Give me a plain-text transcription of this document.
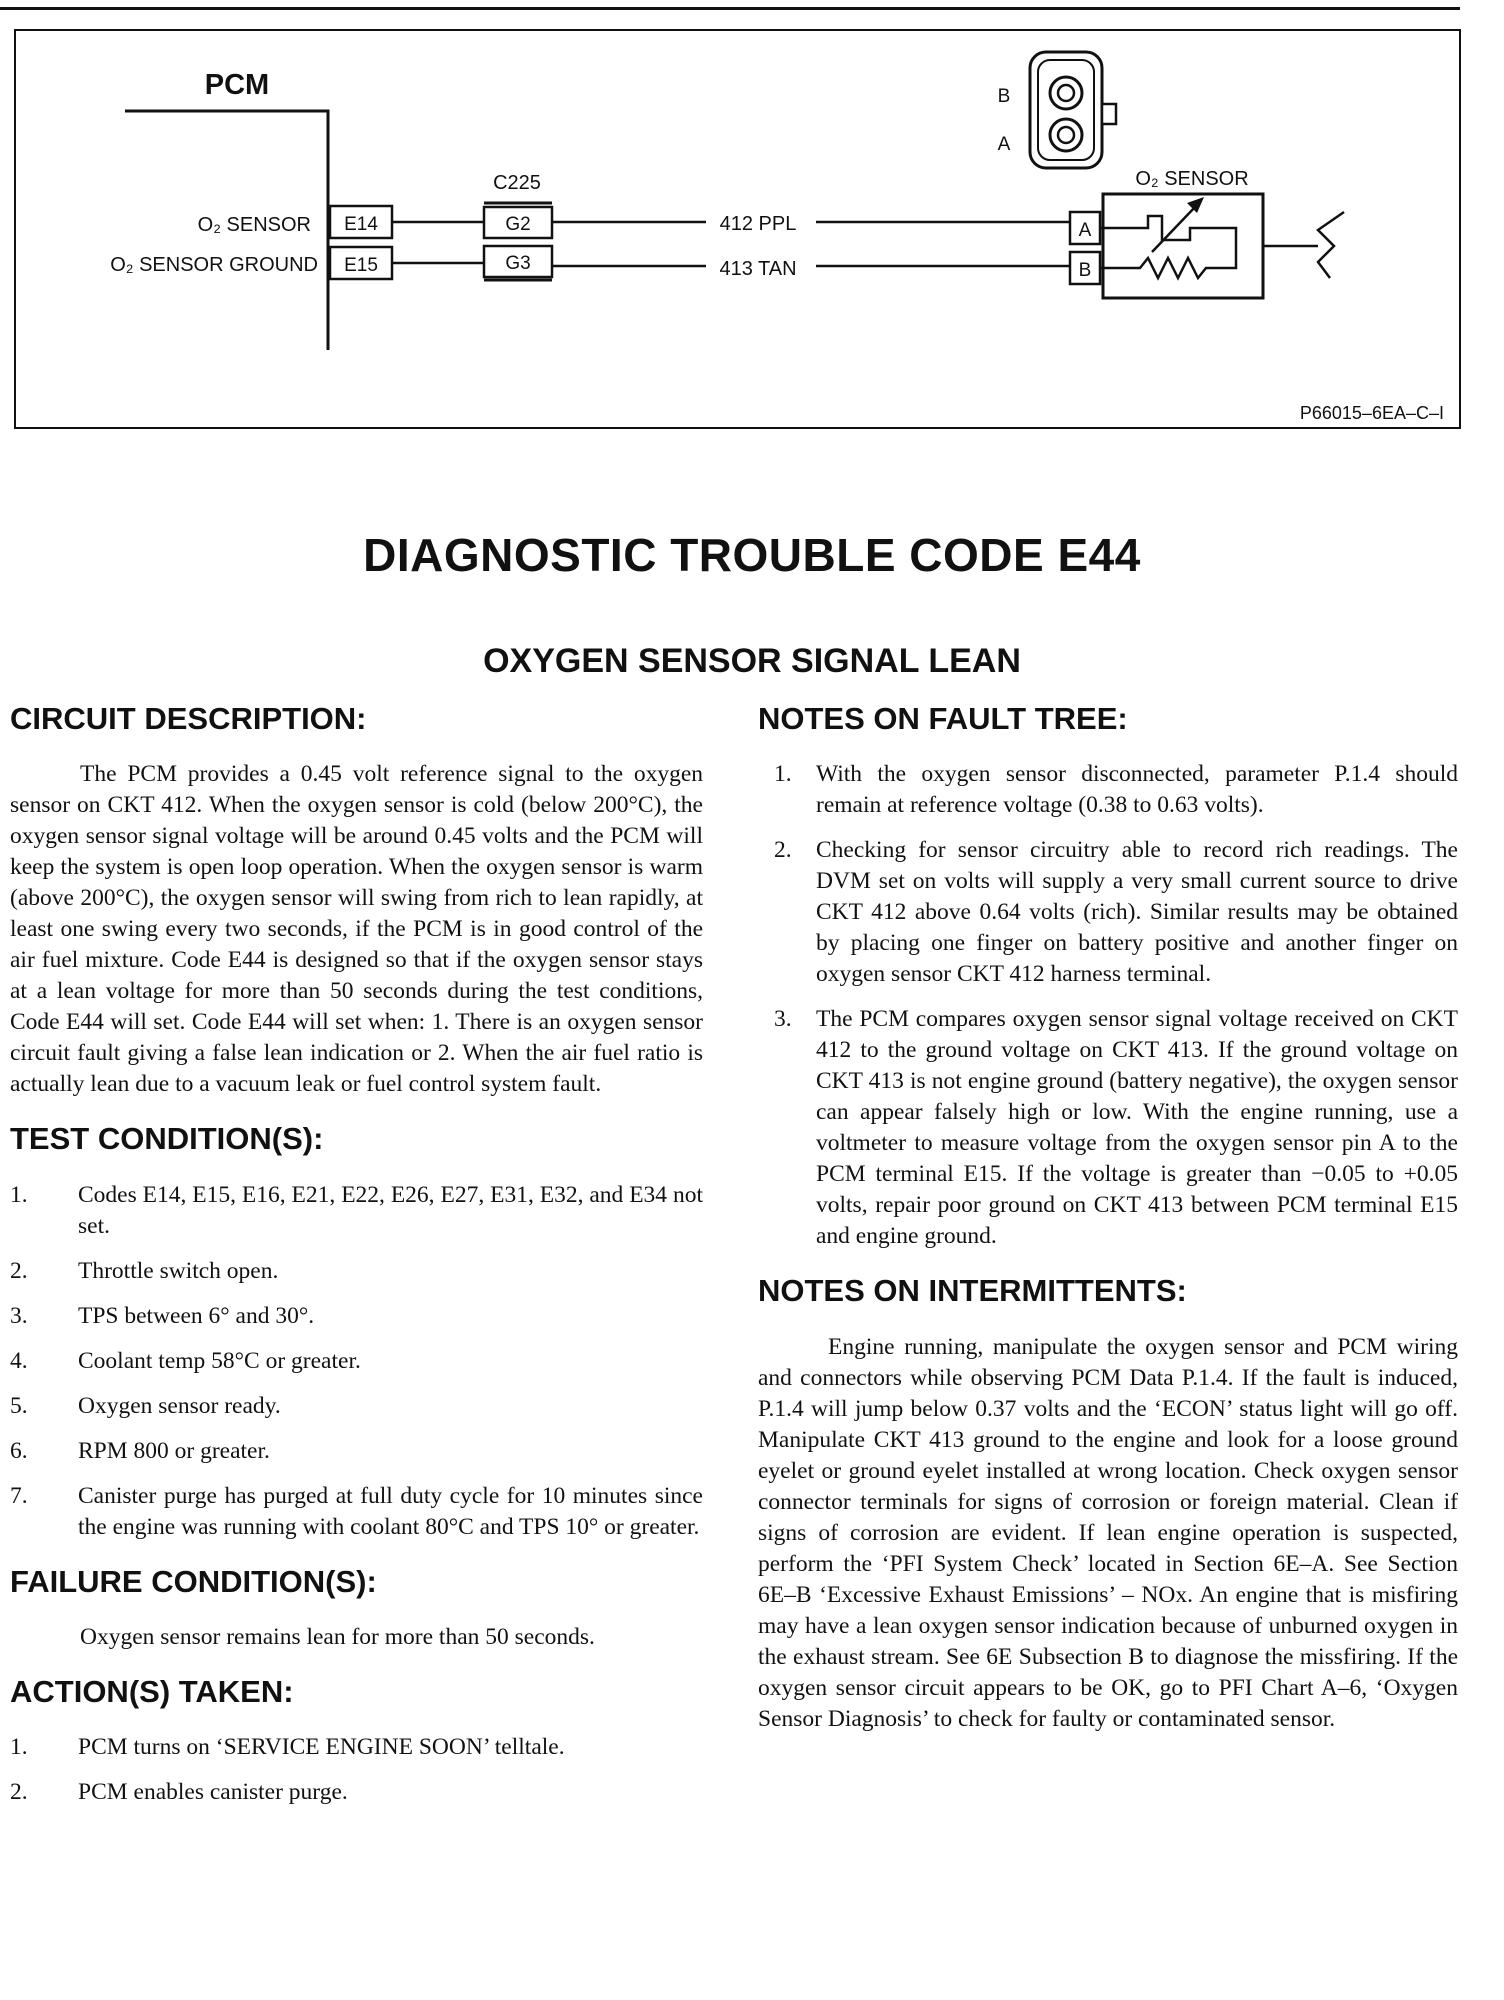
PCM
O₂ SENSOR
O₂ SENSOR GROUND
E14
E15
C225
G2
G3
412 PPL
413 TAN
A
B
O₂ SENSOR
B
A
P66015–6EA–C–I
DIAGNOSTIC TROUBLE CODE E44
OXYGEN SENSOR SIGNAL LEAN
CIRCUIT DESCRIPTION:

The PCM provides a 0.45 volt reference signal to the oxygen sensor on CKT 412. When the oxygen sensor is cold (below 200°C), the oxygen sensor signal voltage will be around 0.45 volts and the PCM will keep the system is open loop operation. When the oxygen sensor is warm (above 200°C), the oxygen sensor will swing from rich to lean rapidly, at least one swing every two seconds, if the PCM is in good control of the air fuel mixture. Code E44 is designed so that if the oxygen sensor stays at a lean voltage for more than 50 seconds during the test conditions, Code E44 will set. Code E44 will set when: 1. There is an oxygen sensor circuit fault giving a false lean indication or 2. When the air fuel ratio is actually lean due to a vacuum leak or fuel control system fault.

TEST CONDITION(S):
1. Codes E14, E15, E16, E21, E22, E26, E27, E31, E32, and E34 not set.
2. Throttle switch open.
3. TPS between 6° and 30°.
4. Coolant temp 58°C or greater.
5. Oxygen sensor ready.
6. RPM 800 or greater.
7. Canister purge has purged at full duty cycle for 10 minutes since the engine was running with coolant 80°C and TPS 10° or greater.
FAILURE CONDITION(S):

Oxygen sensor remains lean for more than 50 seconds.

ACTION(S) TAKEN:
1. PCM turns on ‘SERVICE ENGINE SOON’ telltale.
2. PCM enables canister purge.
NOTES ON FAULT TREE:
1. With the oxygen sensor disconnected, parameter P.1.4 should remain at reference voltage (0.38 to 0.63 volts).
2. Checking for sensor circuitry able to record rich readings. The DVM set on volts will supply a very small current source to drive CKT 412 above 0.64 volts (rich). Similar results may be obtained by placing one finger on battery positive and another finger on oxygen sensor CKT 412 harness terminal.
3. The PCM compares oxygen sensor signal voltage received on CKT 412 to the ground voltage on CKT 413. If the ground voltage on CKT 413 is not engine ground (battery negative), the oxygen sensor can appear falsely high or low. With the engine running, use a voltmeter to measure voltage from the oxygen sensor pin A to the PCM terminal E15. If the voltage is greater than −0.05 to +0.05 volts, repair poor ground on CKT 413 between PCM terminal E15 and engine ground.
NOTES ON INTERMITTENTS:

Engine running, manipulate the oxygen sensor and PCM wiring and connectors while observing PCM Data P.1.4. If the fault is induced, P.1.4 will jump below 0.37 volts and the ‘ECON’ status light will go off. Manipulate CKT 413 ground to the engine and look for a loose ground eyelet or ground eyelet installed at wrong location. Check oxygen sensor connector terminals for signs of corrosion or foreign material. Clean if signs of corrosion are evident. If lean engine operation is suspected, perform the ‘PFI System Check’ located in Section 6E–A. See Section 6E–B ‘Excessive Exhaust Emissions’ – NOx. An engine that is misfiring may have a lean oxygen sensor indication because of unburned oxygen in the exhaust stream. See 6E Subsection B to diagnose the missfiring. If the oxygen sensor circuit appears to be OK, go to PFI Chart A–6, ‘Oxygen Sensor Diagnosis’ to check for faulty or contaminated sensor.
